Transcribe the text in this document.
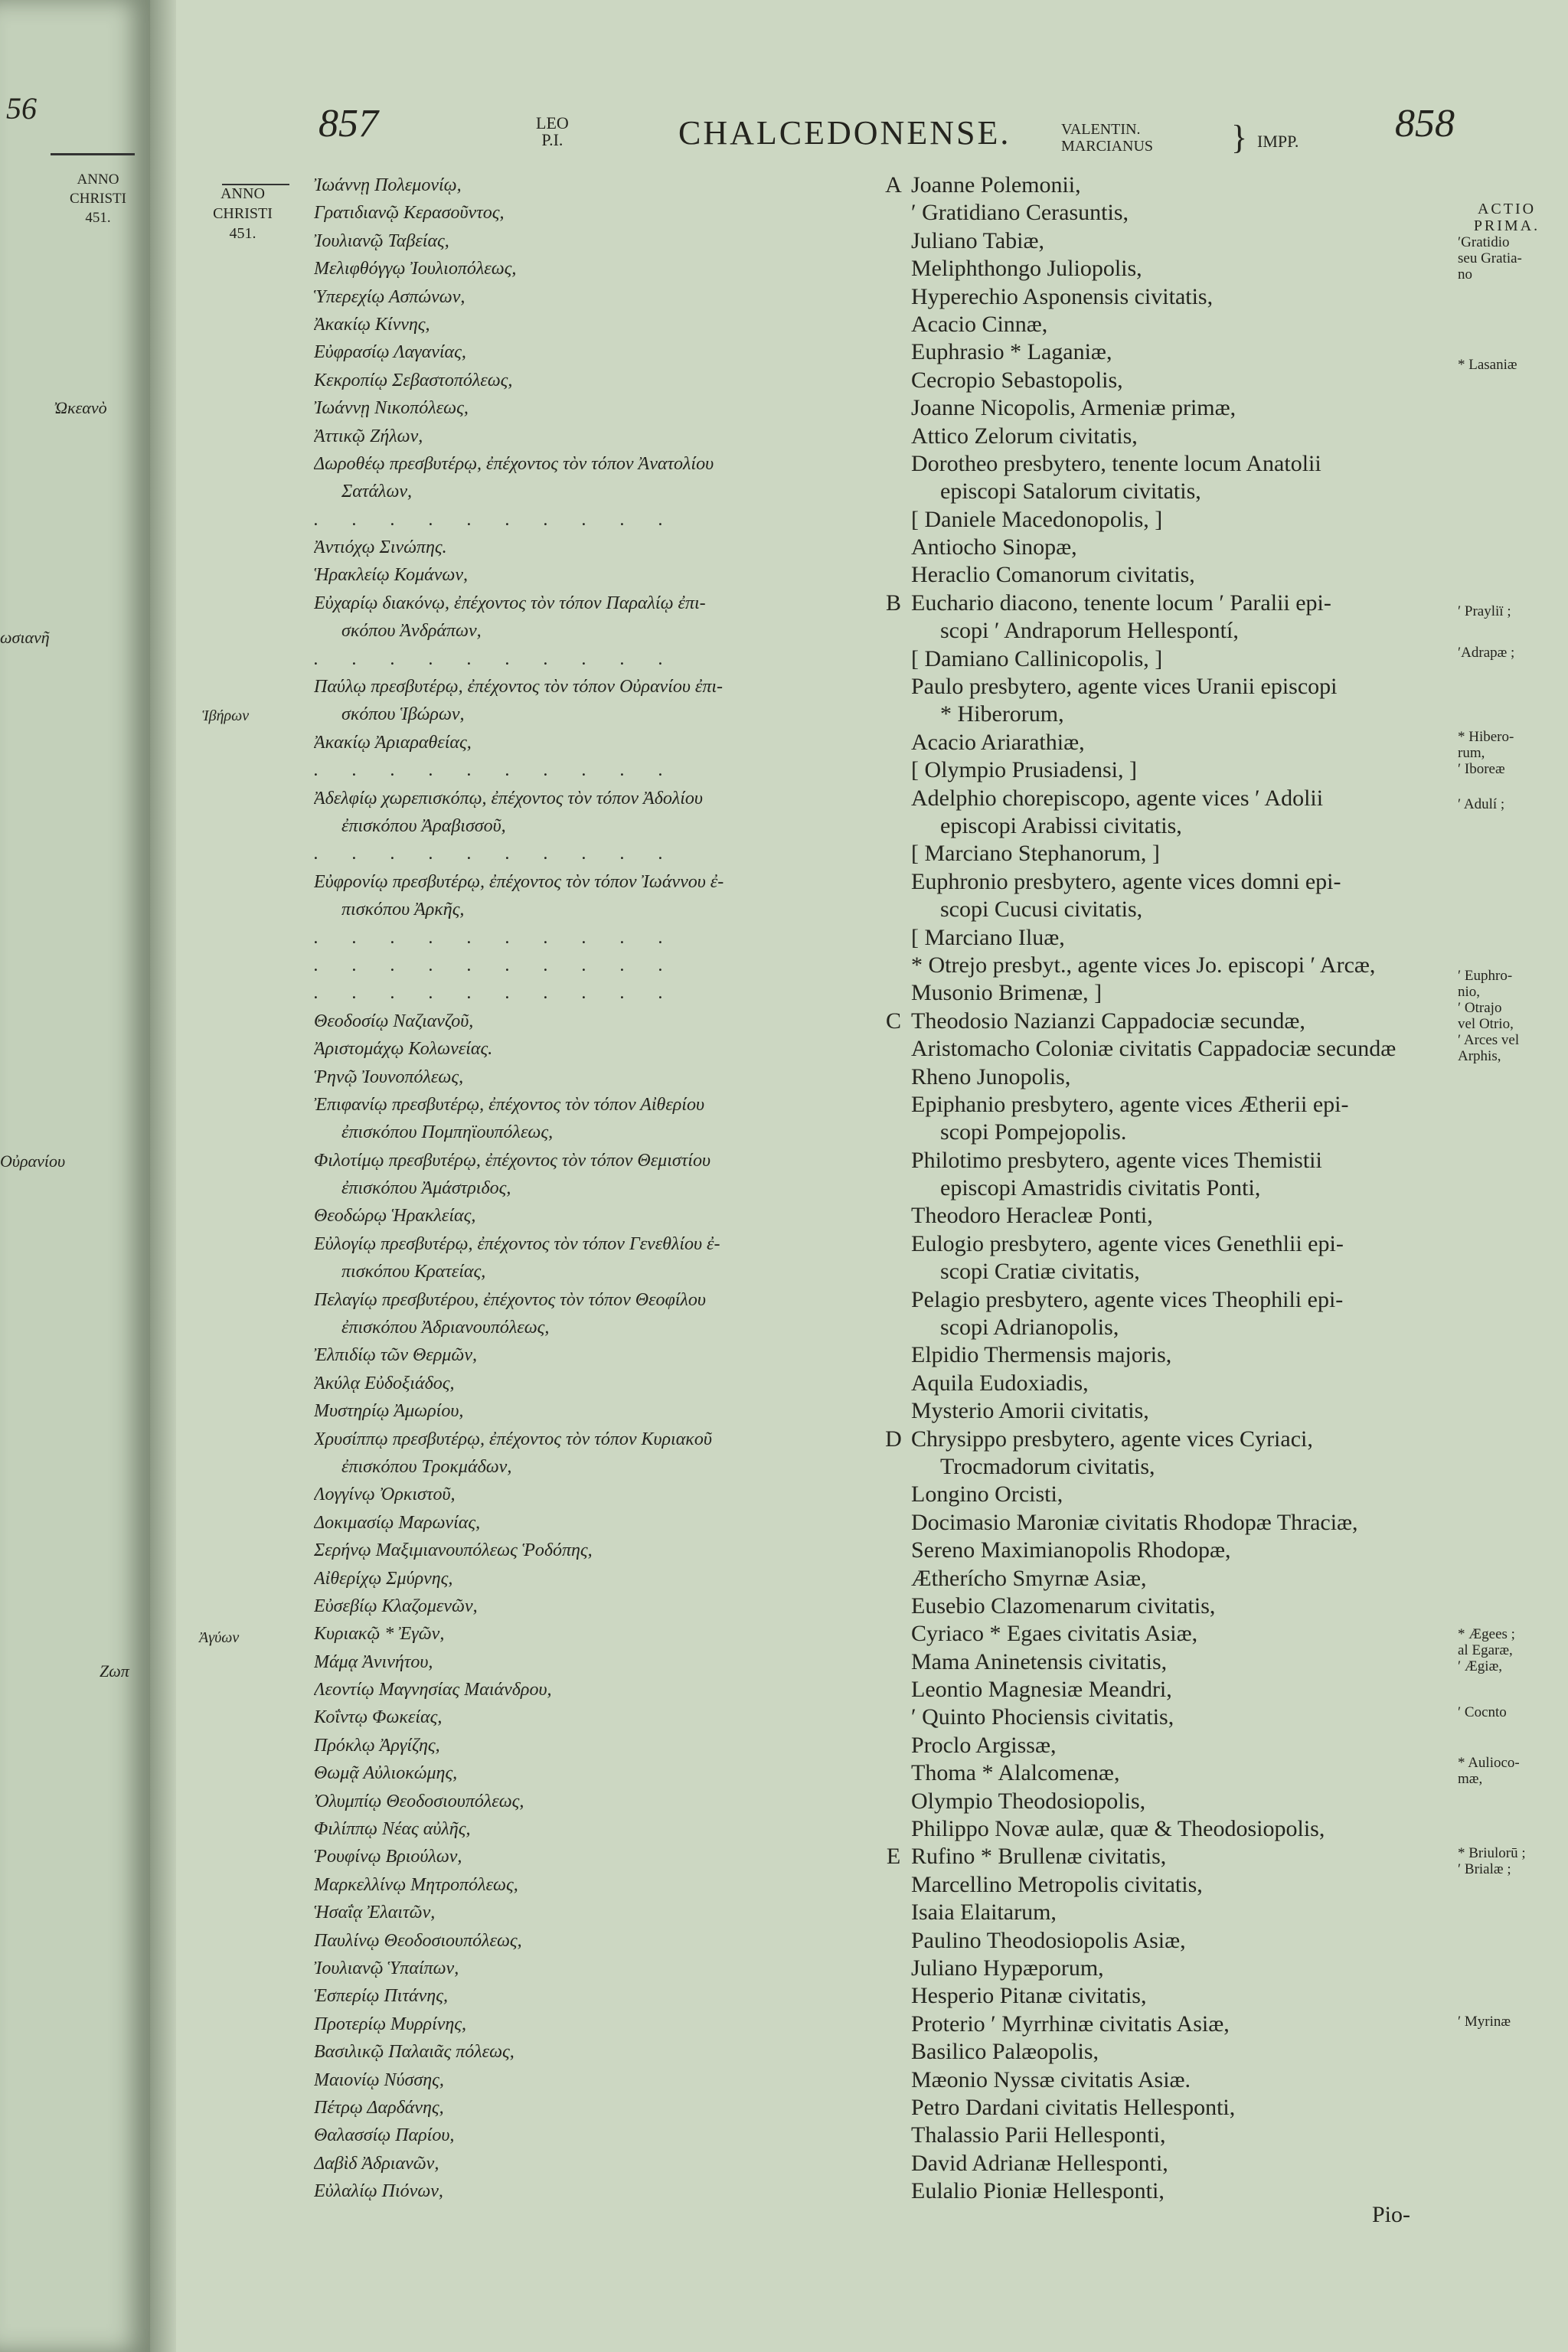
56
ANNO
CHRISTI
451.
ωσιανῆ
Ὠκεανὸ
Οὐρανίου
Ζωπ
857	LEO
P.I.	CHALCEDONENSE.	VALENTIN.
MARCIANUS } IMPP. 858
ANNO
CHRISTI
451.
Ἱβήρων
Ἀγύων
Ἰωάννῃ Πολεμονίῳ,
Γρατιδιανῷ Κερασοῦντος,
Ἰουλιανῷ Ταβείας,
Μελιφθόγγῳ Ἰουλιοπόλεως,
Ὑπερεχίῳ Ασπώνων,
Ἀκακίῳ Κίννης,
Εὐφρασίῳ Λαγανίας,
Κεκροπίῳ Σεβαστοπόλεως,
Ἰωάννῃ Νικοπόλεως,
Ἀττικῷ Ζήλων,
Δωροθέῳ πρεσβυτέρῳ, ἐπέχοντος τὸν τόπον Ἀνατολίου
Σατάλων,
..........
Ἀντιόχῳ Σινώπης.
Ἡρακλείῳ Κομάνων,
Εὐχαρίῳ διακόνῳ, ἐπέχοντος τὸν τόπον Παραλίῳ ἐπι-
σκόπου Ἀνδράπων,
..........
Παύλῳ πρεσβυτέρῳ, ἐπέχοντος τὸν τόπον Οὐρανίου ἐπι-
σκόπου Ἱβώρων,
Ἀκακίῳ Ἀριαραθείας,
..........
Ἀδελφίῳ χωρεπισκόπῳ, ἐπέχοντος τὸν τόπον Ἀδολίου
ἐπισκόπου Ἀραβισσοῦ,
..........
Εὐφρονίῳ πρεσβυτέρῳ, ἐπέχοντος τὸν τόπον Ἰωάννου ἐ-
πισκόπου Ἀρκῆς,
..........
..........
..........
Θεοδοσίῳ Ναζιανζοῦ,
Ἀριστομάχῳ Κολωνείας.
Ῥηνῷ Ἰουνοπόλεως,
Ἐπιφανίῳ πρεσβυτέρῳ, ἐπέχοντος τὸν τόπον Αἰθερίου
ἐπισκόπου Πομπηϊουπόλεως,
Φιλοτίμῳ πρεσβυτέρῳ, ἐπέχοντος τὸν τόπον Θεμιστίου
ἐπισκόπου Ἀμάστριδος,
Θεοδώρῳ Ἡρακλείας,
Εὐλογίῳ πρεσβυτέρῳ, ἐπέχοντος τὸν τόπον Γενεθλίου ἐ-
πισκόπου Κρατείας,
Πελαγίῳ πρεσβυτέρου, ἐπέχοντος τὸν τόπον Θεοφίλου
ἐπισκόπου Ἀδριανουπόλεως,
Ἐλπιδίῳ τῶν Θερμῶν,
Ἀκύλᾳ Εὐδοξιάδος,
Μυστηρίῳ Ἀμωρίου,
Χρυσίππῳ πρεσβυτέρῳ, ἐπέχοντος τὸν τόπον Κυριακοῦ
ἐπισκόπου Τροκμάδων,
Λογγίνῳ Ὀρκιστοῦ,
Δοκιμασίῳ Μαρωνίας,
Σερήνῳ Μαξιμιανουπόλεως Ῥοδόπης,
Αἰθερίχῳ Σμύρνης,
Εὐσεβίῳ Κλαζομενῶν,
Κυριακῷ * Ἐγῶν,
Μάμᾳ Ἀνινήτου,
Λεοντίῳ Μαγνησίας Μαιάνδρου,
Κοΐντῳ Φωκείας,
Πρόκλῳ Ἀργίζης,
Θωμᾷ Αὐλιοκώμης,
Ὀλυμπίῳ Θεοδοσιουπόλεως,
Φιλίππῳ Νέας αὐλῆς,
Ῥουφίνῳ Βριούλων,
Μαρκελλίνῳ Μητροπόλεως,
Ἡσαΐᾳ Ἐλαιτῶν,
Παυλίνῳ Θεοδοσιουπόλεως,
Ἰουλιανῷ Ὑπαίπων,
Ἑσπερίῳ Πιτάνης,
Προτερίῳ Μυρρίνης,
Βασιλικῷ Παλαιᾶς πόλεως,
Μαιονίῳ Νύσσης,
Πέτρῳ Δαρδάνης,
Θαλασσίῳ Παρίου,
Δαβὶδ Ἀδριανῶν,
Εὐλαλίῳ Πιόνων,
A Joanne Polemonii,
ʹ Gratidiano Cerasuntis,
Juliano Tabiæ,
Meliphthongo Juliopolis,
Hyperechio Asponensis civitatis,
Acacio Cinnæ,
Euphrasio * Laganiæ,
Cecropio Sebastopolis,
Joanne Nicopolis, Armeniæ primæ,
Attico Zelorum civitatis,
Dorotheo presbytero, tenente locum Anatolii
episcopi Satalorum civitatis,
[ Daniele Macedonopolis, ]
Antiocho Sinopæ,
Heraclio Comanorum civitatis,
B Euchario diacono, tenente locum ʹ Paralii epi-
scopi ʹ Andraporum Hellespontí,
[ Damiano Callinicopolis, ]
Paulo presbytero, agente vices Uranii episcopi
* Hiberorum,
Acacio Ariarathiæ,
[ Olympio Prusiadensi, ]
Adelphio chorepiscopo, agente vices ʹ Adolii
episcopi Arabissi civitatis,
[ Marciano Stephanorum, ]
Euphronio presbytero, agente vices domni epi-
scopi Cucusi civitatis,
[ Marciano Iluæ,
* Otrejo presbyt., agente vices Jo. episcopi ʹ Arcæ,
Musonio Brimenæ, ]
C Theodosio Nazianzi Cappadociæ secundæ,
Aristomacho Coloniæ civitatis Cappadociæ secundæ
Rheno Junopolis,
Epiphanio presbytero, agente vices Ætherii epi-
scopi Pompejopolis.
Philotimo presbytero, agente vices Themistii
episcopi Amastridis civitatis Ponti,
Theodoro Heracleæ Ponti,
Eulogio presbytero, agente vices Genethlii epi-
scopi Cratiæ civitatis,
Pelagio presbytero, agente vices Theophili epi-
scopi Adrianopolis,
Elpidio Thermensis majoris,
Aquila Eudoxiadis,
Mysterio Amorii civitatis,
D Chrysippo presbytero, agente vices Cyriaci,
Trocmadorum civitatis,
Longino Orcisti,
Docimasio Maroniæ civitatis Rhodopæ Thraciæ,
Sereno Maximianopolis Rhodopæ,
Ætherícho Smyrnæ Asiæ,
Eusebio Clazomenarum civitatis,
Cyriaco * Egaes civitatis Asiæ,
Mama Aninetensis civitatis,
Leontio Magnesiæ Meandri,
ʹ Quinto Phociensis civitatis,
Proclo Argissæ,
Thoma * Alalcomenæ,
Olympio Theodosiopolis,
Philippo Novæ aulæ, quæ & Theodosiopolis,
E Rufino * Brullenæ civitatis,
Marcellino Metropolis civitatis,
Isaia Elaitarum,
Paulino Theodosiopolis Asiæ,
Juliano Hypæporum,
Hesperio Pitanæ civitatis,
Proterio ʹ Myrrhinæ civitatis Asiæ,
Basilico Palæopolis,
Mæonio Nyssæ civitatis Asiæ.
Petro Dardani civitatis Hellesponti,
Thalassio Parii Hellesponti,
David Adrianæ Hellesponti,
Eulalio Pioniæ Hellesponti,
ACTIO
PRIMA.
ʹGratidio
seu Gratia-
no
* Lasaniæ
ʹ Prayliï ;
ʹAdrapæ ;
* Hibero-
rum,
ʹ Iboreæ
ʹ Adulí ;
ʹ Euphro-
nio,
ʹ Otrajo
vel Otrio,
ʹ Arces vel
Arphis,
* Ægees ;
al Egaræ,
ʹ Ægiæ,
ʹ Cocnto
* Aulioco-
mæ,
* Briulorū ;
ʹ Brialæ ;
ʹ Myrinæ
Pio-
